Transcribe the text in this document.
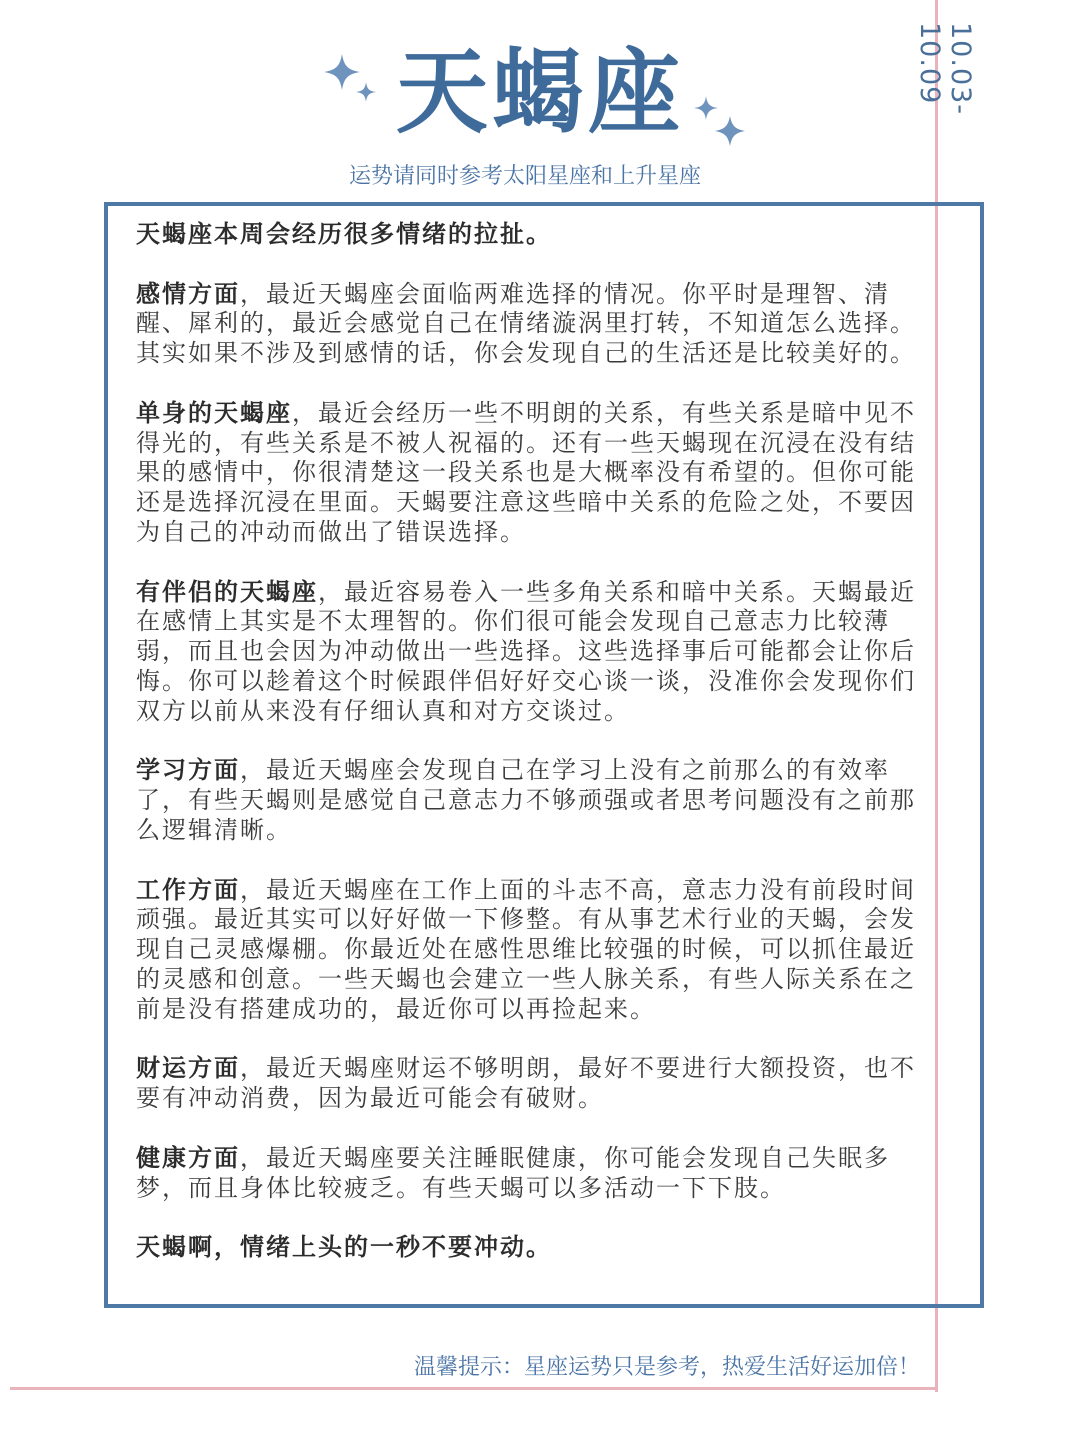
10.03-10.09
天蝎座
运势请同时参考太阳星座和上升星座

天蝎座本周会经历很多情绪的拉扯。

感情方面，最近天蝎座会面临两难选择的情况。你平时是理智、清醒、犀利的，最近会感觉自己在情绪漩涡里打转，不知道怎么选择。其实如果不涉及到感情的话，你会发现自己的生活还是比较美好的。

单身的天蝎座，最近会经历一些不明朗的关系，有些关系是暗中见不得光的，有些关系是不被人祝福的。还有一些天蝎现在沉浸在没有结果的感情中，你很清楚这一段关系也是大概率没有希望的。但你可能还是选择沉浸在里面。天蝎要注意这些暗中关系的危险之处，不要因为自己的冲动而做出了错误选择。

有伴侣的天蝎座，最近容易卷入一些多角关系和暗中关系。天蝎最近在感情上其实是不太理智的。你们很可能会发现自己意志力比较薄弱，而且也会因为冲动做出一些选择。这些选择事后可能都会让你后悔。你可以趁着这个时候跟伴侣好好交心谈一谈，没准你会发现你们双方以前从来没有仔细认真和对方交谈过。

学习方面，最近天蝎座会发现自己在学习上没有之前那么的有效率了，有些天蝎则是感觉自己意志力不够顽强或者思考问题没有之前那么逻辑清晰。

工作方面，最近天蝎座在工作上面的斗志不高，意志力没有前段时间顽强。最近其实可以好好做一下修整。有从事艺术行业的天蝎，会发现自己灵感爆棚。你最近处在感性思维比较强的时候，可以抓住最近的灵感和创意。一些天蝎也会建立一些人脉关系，有些人际关系在之前是没有搭建成功的，最近你可以再捡起来。

财运方面，最近天蝎座财运不够明朗，最好不要进行大额投资，也不要有冲动消费，因为最近可能会有破财。

健康方面，最近天蝎座要关注睡眠健康，你可能会发现自己失眠多梦，而且身体比较疲乏。有些天蝎可以多活动一下下肢。

天蝎啊，情绪上头的一秒不要冲动。

温馨提示：星座运势只是参考，热爱生活好运加倍！
